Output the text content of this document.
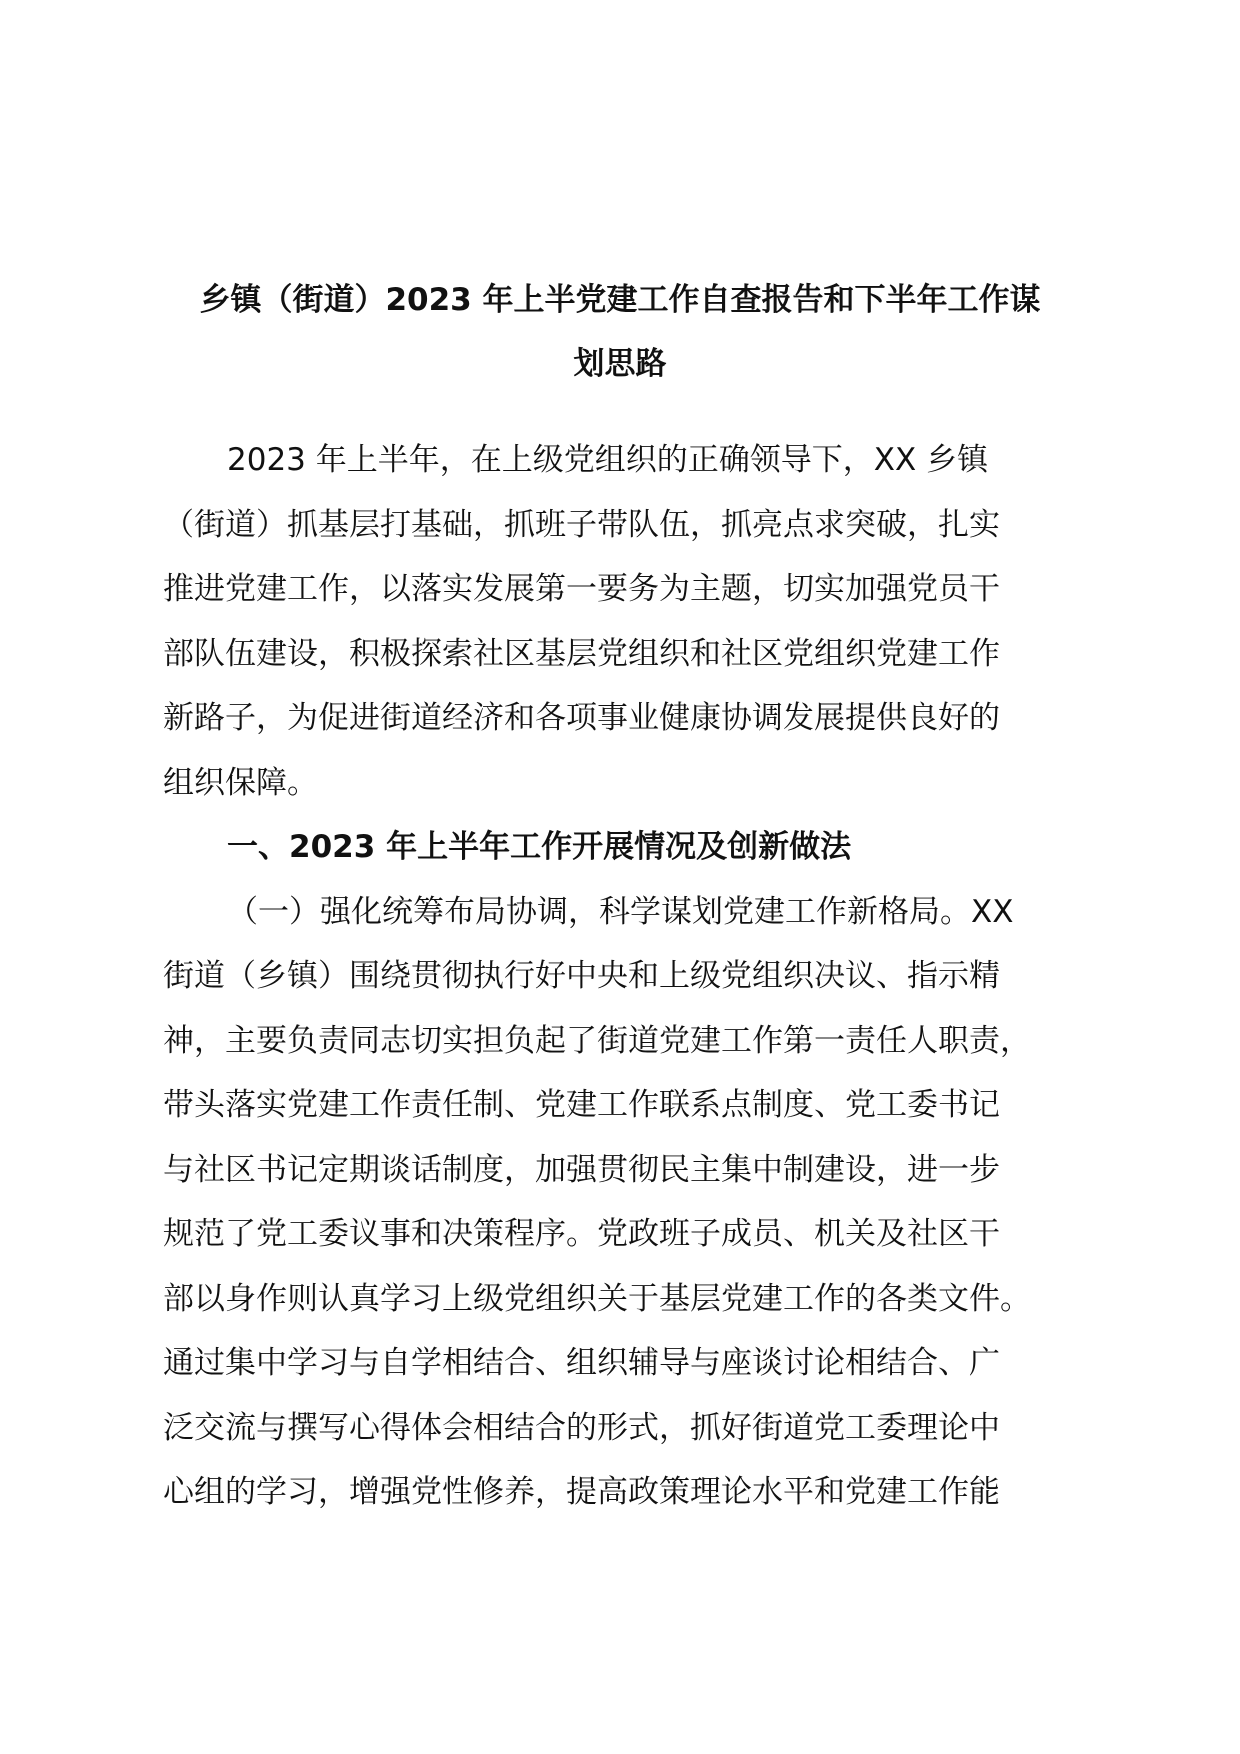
乡镇（街道）2023 年上半党建工作自查报告和下半年工作谋
划思路
2023 年上半年，在上级党组织的正确领导下，XX 乡镇
（街道）抓基层打基础，抓班子带队伍，抓亮点求突破，扎实
推进党建工作，以落实发展第一要务为主题，切实加强党员干
部队伍建设，积极探索社区基层党组织和社区党组织党建工作
新路子，为促进街道经济和各项事业健康协调发展提供良好的
组织保障。
一、2023 年上半年工作开展情况及创新做法
（一）强化统筹布局协调，科学谋划党建工作新格局。XX
街道（乡镇）围绕贯彻执行好中央和上级党组织决议、指示精
神，主要负责同志切实担负起了街道党建工作第一责任人职责，
带头落实党建工作责任制、党建工作联系点制度、党工委书记
与社区书记定期谈话制度，加强贯彻民主集中制建设，进一步
规范了党工委议事和决策程序。党政班子成员、机关及社区干
部以身作则认真学习上级党组织关于基层党建工作的各类文件。
通过集中学习与自学相结合、组织辅导与座谈讨论相结合、广
泛交流与撰写心得体会相结合的形式，抓好街道党工委理论中
心组的学习，增强党性修养，提高政策理论水平和党建工作能
